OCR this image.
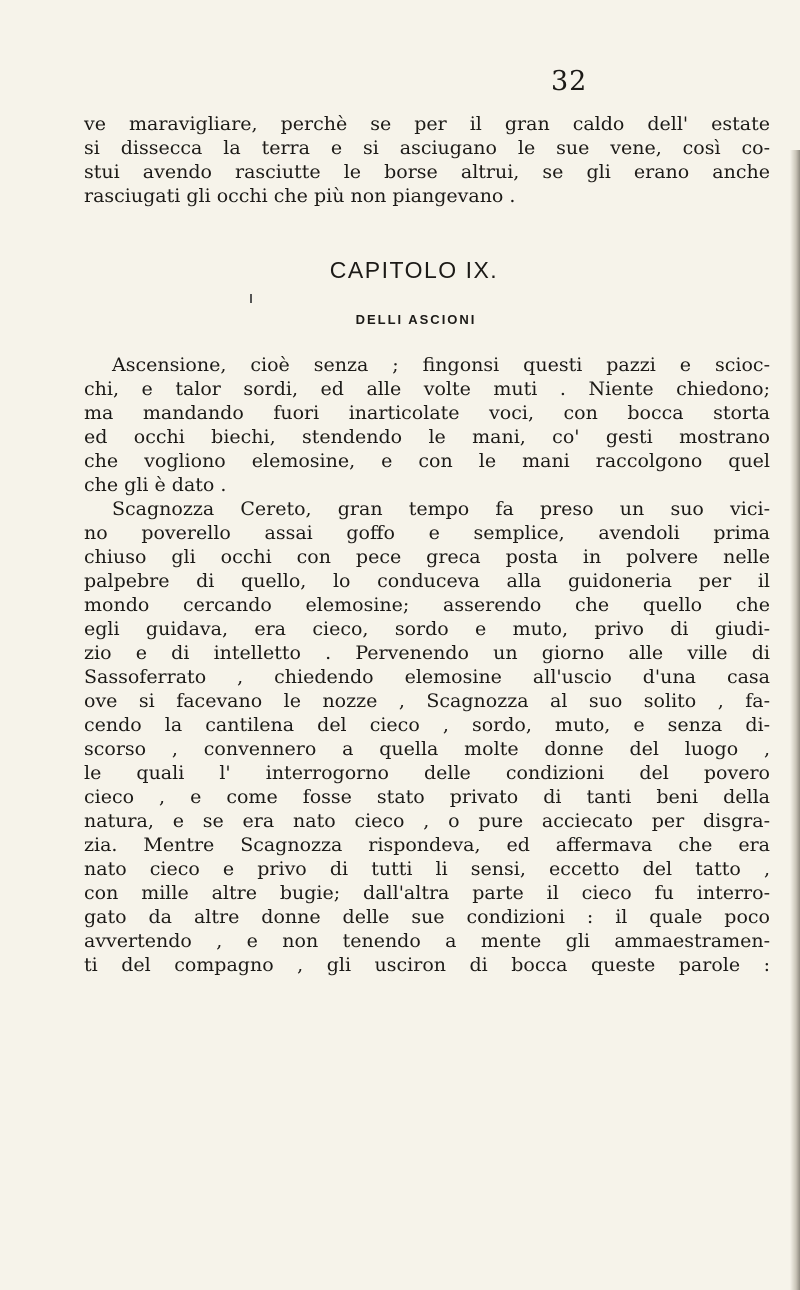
32
ve maravigliare, perchè se per il gran caldo dell' estate
si dissecca la terra e si asciugano le sue vene, così co-
stui avendo rasciutte le borse altrui, se gli erano anche
rasciugati gli occhi che più non piangevano .
CAPITOLO IX.
DELLI ASCIONI
Ascensione, cioè senza ; fingonsi questi pazzi e scioc-
chi, e talor sordi, ed alle volte muti . Niente chiedono;
ma mandando fuori inarticolate voci, con bocca storta
ed occhi biechi, stendendo le mani, co' gesti mostrano
che vogliono elemosine, e con le mani raccolgono quel
che gli è dato .
Scagnozza Cereto, gran tempo fa preso un suo vici-
no poverello assai goffo e semplice, avendoli prima
chiuso gli occhi con pece greca posta in polvere nelle
palpebre di quello, lo conduceva alla guidoneria per il
mondo cercando elemosine; asserendo che quello che
egli guidava, era cieco, sordo e muto, privo di giudi-
zio e di intelletto . Pervenendo un giorno alle ville di
Sassoferrato , chiedendo elemosine all'uscio d'una casa
ove si facevano le nozze , Scagnozza al suo solito , fa-
cendo la cantilena del cieco , sordo, muto, e senza di-
scorso , convennero a quella molte donne del luogo ,
le quali l' interrogorno delle condizioni del povero
cieco , e come fosse stato privato di tanti beni della
natura, e se era nato cieco , o pure acciecato per disgra-
zia. Mentre Scagnozza rispondeva, ed affermava che era
nato cieco e privo di tutti li sensi, eccetto del tatto ,
con mille altre bugie; dall'altra parte il cieco fu interro-
gato da altre donne delle sue condizioni : il quale poco
avvertendo , e non tenendo a mente gli ammaestramen-
ti del compagno , gli usciron di bocca queste parole :
